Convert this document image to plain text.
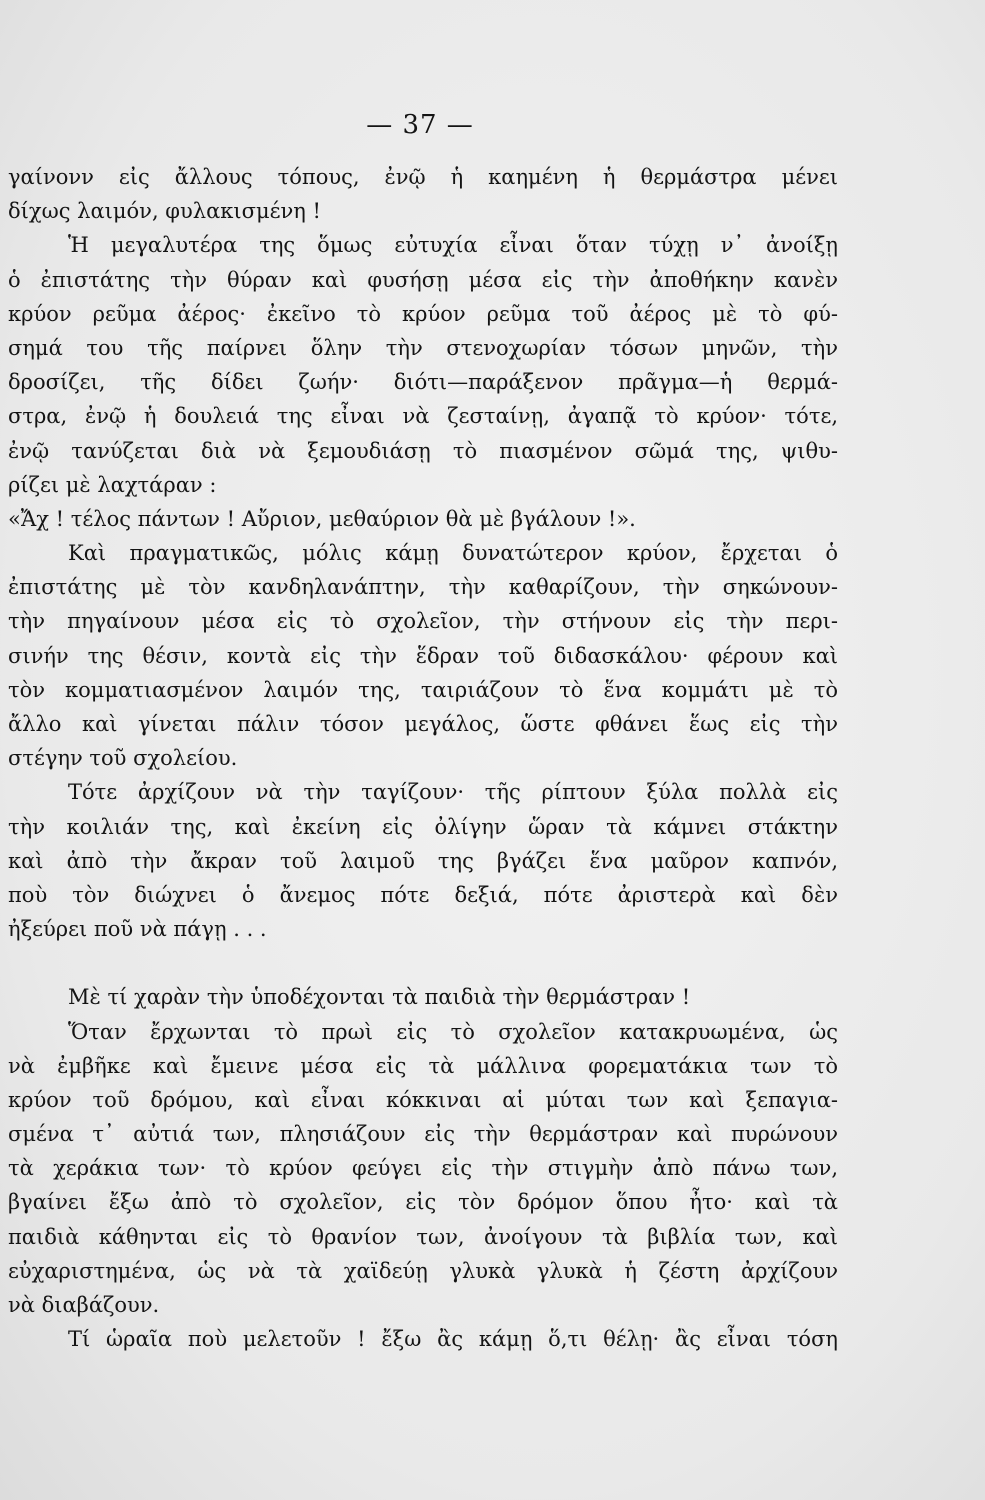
— 37 —
γαίνονν εἰς ἄλλους τόπους, ἐνῷ ἡ καημένη ἡ θερμάστρα μένει
δίχως λαιμόν, φυλακισμένη !
Ἡ μεγαλυτέρα της ὅμως εὐτυχία εἶναι ὅταν τύχῃ ν᾽ ἀνοίξῃ
ὁ ἐπιστάτης τὴν θύραν καὶ φυσήσῃ μέσα εἰς τὴν ἀποθήκην κανὲν
κρύον ρεῦμα ἀέρος· ἐκεῖνο τὸ κρύον ρεῦμα τοῦ ἀέρος μὲ τὸ φύ-
σημά του τῆς παίρνει ὅλην τὴν στενοχωρίαν τόσων μηνῶν, τὴν
δροσίζει, τῆς δίδει ζωήν· διότι—παράξενον πρᾶγμα—ἡ θερμά-
στρα, ἐνῷ ἡ δουλειά της εἶναι νὰ ζεσταίνῃ, ἀγαπᾷ τὸ κρύον· τότε,
ἐνῷ τανύζεται διὰ νὰ ξεμουδιάσῃ τὸ πιασμένον σῶμά της, ψιθυ-
ρίζει μὲ λαχτάραν :
«Ἄχ ! τέλος πάντων ! Αὔριον, μεθαύριον θὰ μὲ βγάλουν !».
Καὶ πραγματικῶς, μόλις κάμῃ δυνατώτερον κρύον, ἔρχεται ὁ
ἐπιστάτης μὲ τὸν κανδηλανάπτην, τὴν καθαρίζουν, τὴν σηκώνουν-
τὴν πηγαίνουν μέσα εἰς τὸ σχολεῖον, τὴν στήνουν εἰς τὴν περι-
σινήν της θέσιν, κοντὰ εἰς τὴν ἕδραν τοῦ διδασκάλου· φέρουν καὶ
τὸν κομματιασμένον λαιμόν της, ταιριάζουν τὸ ἕνα κομμάτι μὲ τὸ
ἄλλο καὶ γίνεται πάλιν τόσον μεγάλος, ὥστε φθάνει ἕως εἰς τὴν
στέγην τοῦ σχολείου.
Τότε ἀρχίζουν νὰ τὴν ταγίζουν· τῆς ρίπτουν ξύλα πολλὰ εἰς
τὴν κοιλιάν της, καὶ ἐκείνη εἰς ὀλίγην ὥραν τὰ κάμνει στάκτην
καὶ ἀπὸ τὴν ἄκραν τοῦ λαιμοῦ της βγάζει ἕνα μαῦρον καπνόν,
ποὺ τὸν διώχνει ὁ ἄνεμος πότε δεξιά, πότε ἀριστερὰ καὶ δὲν
ἠξεύρει ποῦ νὰ πάγῃ . . .
Μὲ τί χαρὰν τὴν ὑποδέχονται τὰ παιδιὰ τὴν θερμάστραν !
Ὅταν ἔρχωνται τὸ πρωὶ εἰς τὸ σχολεῖον κατακρυωμένα, ὡς
νὰ ἐμβῆκε καὶ ἔμεινε μέσα εἰς τὰ μάλλινα φορεματάκια των τὸ
κρύον τοῦ δρόμου, καὶ εἶναι κόκκιναι αἱ μύται των καὶ ξεπαγια-
σμένα τ᾽ αὐτιά των, πλησιάζουν εἰς τὴν θερμάστραν καὶ πυρώνουν
τὰ χεράκια των· τὸ κρύον φεύγει εἰς τὴν στιγμὴν ἀπὸ πάνω των,
βγαίνει ἔξω ἀπὸ τὸ σχολεῖον, εἰς τὸν δρόμον ὅπου ἦτο· καὶ τὰ
παιδιὰ κάθηνται εἰς τὸ θρανίον των, ἀνοίγουν τὰ βιβλία των, καὶ
εὐχαριστημένα, ὡς νὰ τὰ χαϊδεύῃ γλυκὰ γλυκὰ ἡ ζέστη ἀρχίζουν
νὰ διαβάζουν.
Τί ὡραῖα ποὺ μελετοῦν ! ἔξω ἂς κάμῃ ὅ,τι θέλῃ· ἂς εἶναι τόση
